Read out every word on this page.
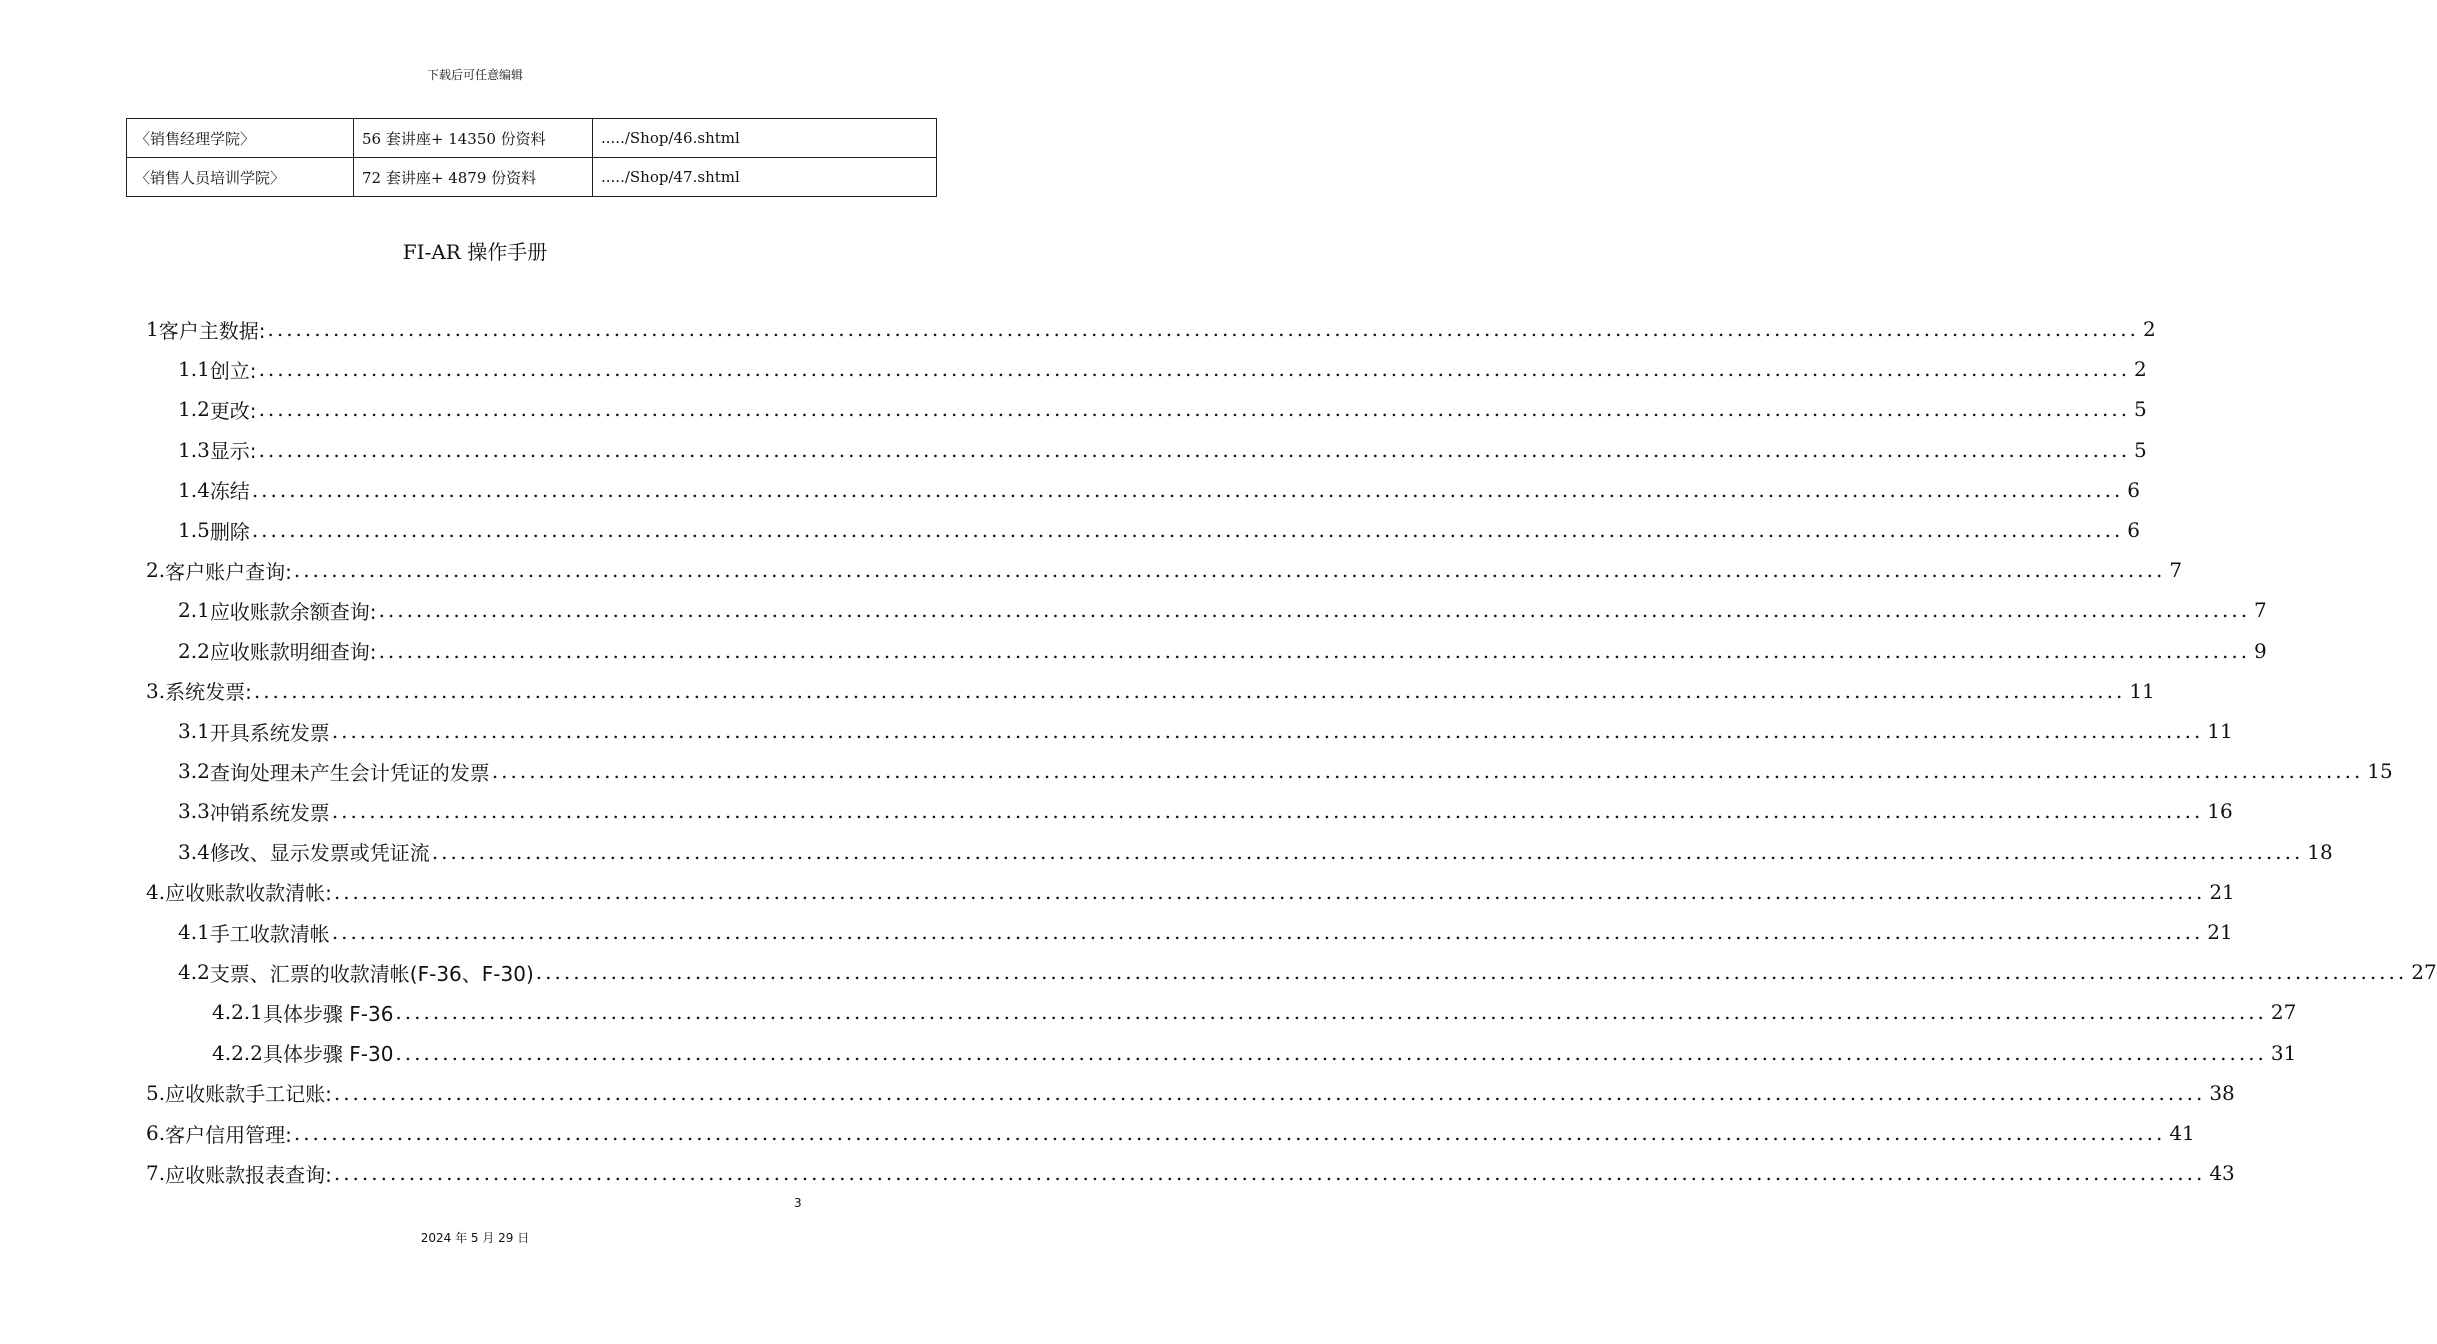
下载后可任意编辑
〈销售经理学院〉	56 套讲座+ 14350 份资料	...../Shop/46.shtml
〈销售人员培训学院〉	72 套讲座+ 4879 份资料	...../Shop/47.shtml
FI-AR 操作手册
1 客户主数据: ........................................................................................................................................................................................................ 2
1.1 创立: ........................................................................................................................................................................................................ 2
1.2 更改: ........................................................................................................................................................................................................ 5
1.3 显示: ........................................................................................................................................................................................................ 5
1.4 冻结 ........................................................................................................................................................................................................ 6
1.5 删除 ........................................................................................................................................................................................................ 6
2. 客户账户查询: ........................................................................................................................................................................................................ 7
2.1 应收账款余额查询: ........................................................................................................................................................................................................ 7
2.2 应收账款明细查询: ........................................................................................................................................................................................................ 9
3. 系统发票: ........................................................................................................................................................................................................ 11
3.1 开具系统发票 ........................................................................................................................................................................................................ 11
3.2 查询处理未产生会计凭证的发票 ........................................................................................................................................................................................................ 15
3.3 冲销系统发票 ........................................................................................................................................................................................................ 16
3.4 修改、显示发票或凭证流 ........................................................................................................................................................................................................ 18
4. 应收账款收款清帐: ........................................................................................................................................................................................................ 21
4.1 手工收款清帐 ........................................................................................................................................................................................................ 21
4.2 支票、汇票的收款清帐(F-36、F-30) ........................................................................................................................................................................................................ 27
4.2.1 具体步骤 F-36 ........................................................................................................................................................................................................ 27
4.2.2 具体步骤 F-30 ........................................................................................................................................................................................................ 31
5. 应收账款手工记账: ........................................................................................................................................................................................................ 38
6. 客户信用管理: ........................................................................................................................................................................................................ 41
7. 应收账款报表查询: ........................................................................................................................................................................................................ 43
3
2024 年 5 月 29 日
